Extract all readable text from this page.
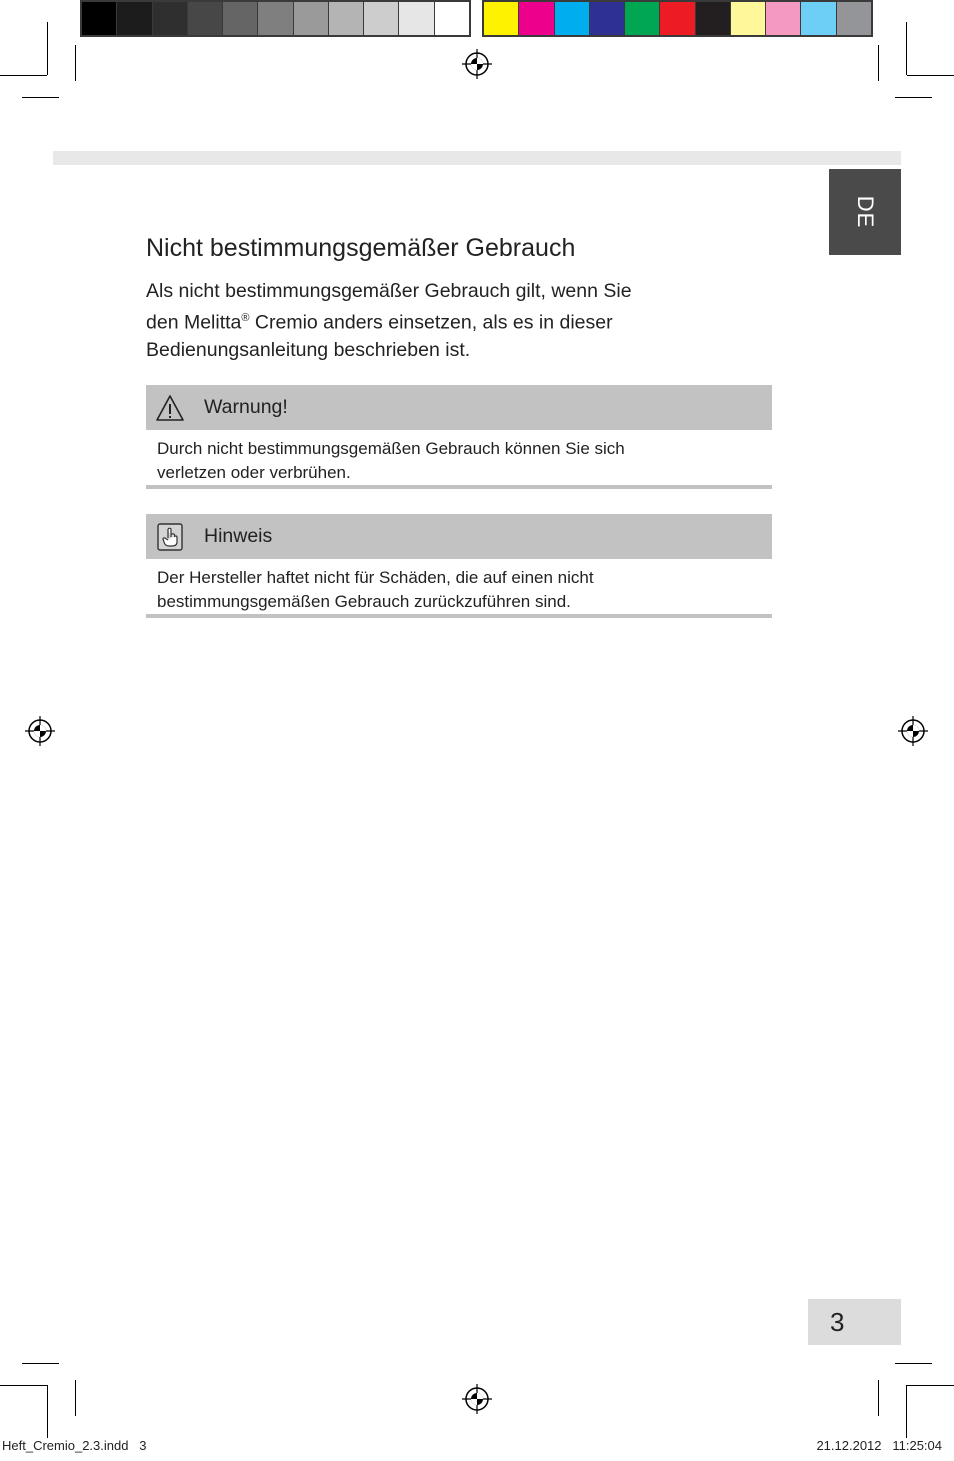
DE
Nicht bestimmungsgemäßer Gebrauch

Als nicht bestimmungsgemäßer Gebrauch gilt, wenn Sie
den Melitta® Cremio anders einsetzen, als es in dieser
Bedienungsanleitung beschrieben ist.

Warnung!
Durch nicht bestimmungsgemäßen Gebrauch können Sie sich
verletzen oder verbrühen.
Hinweis
Der Hersteller haftet nicht für Schäden, die auf einen nicht
bestimmungsgemäßen Gebrauch zurückzuführen sind.
3
Heft_Cremio_2.3.indd   3	21.12.2012   11:25:04
